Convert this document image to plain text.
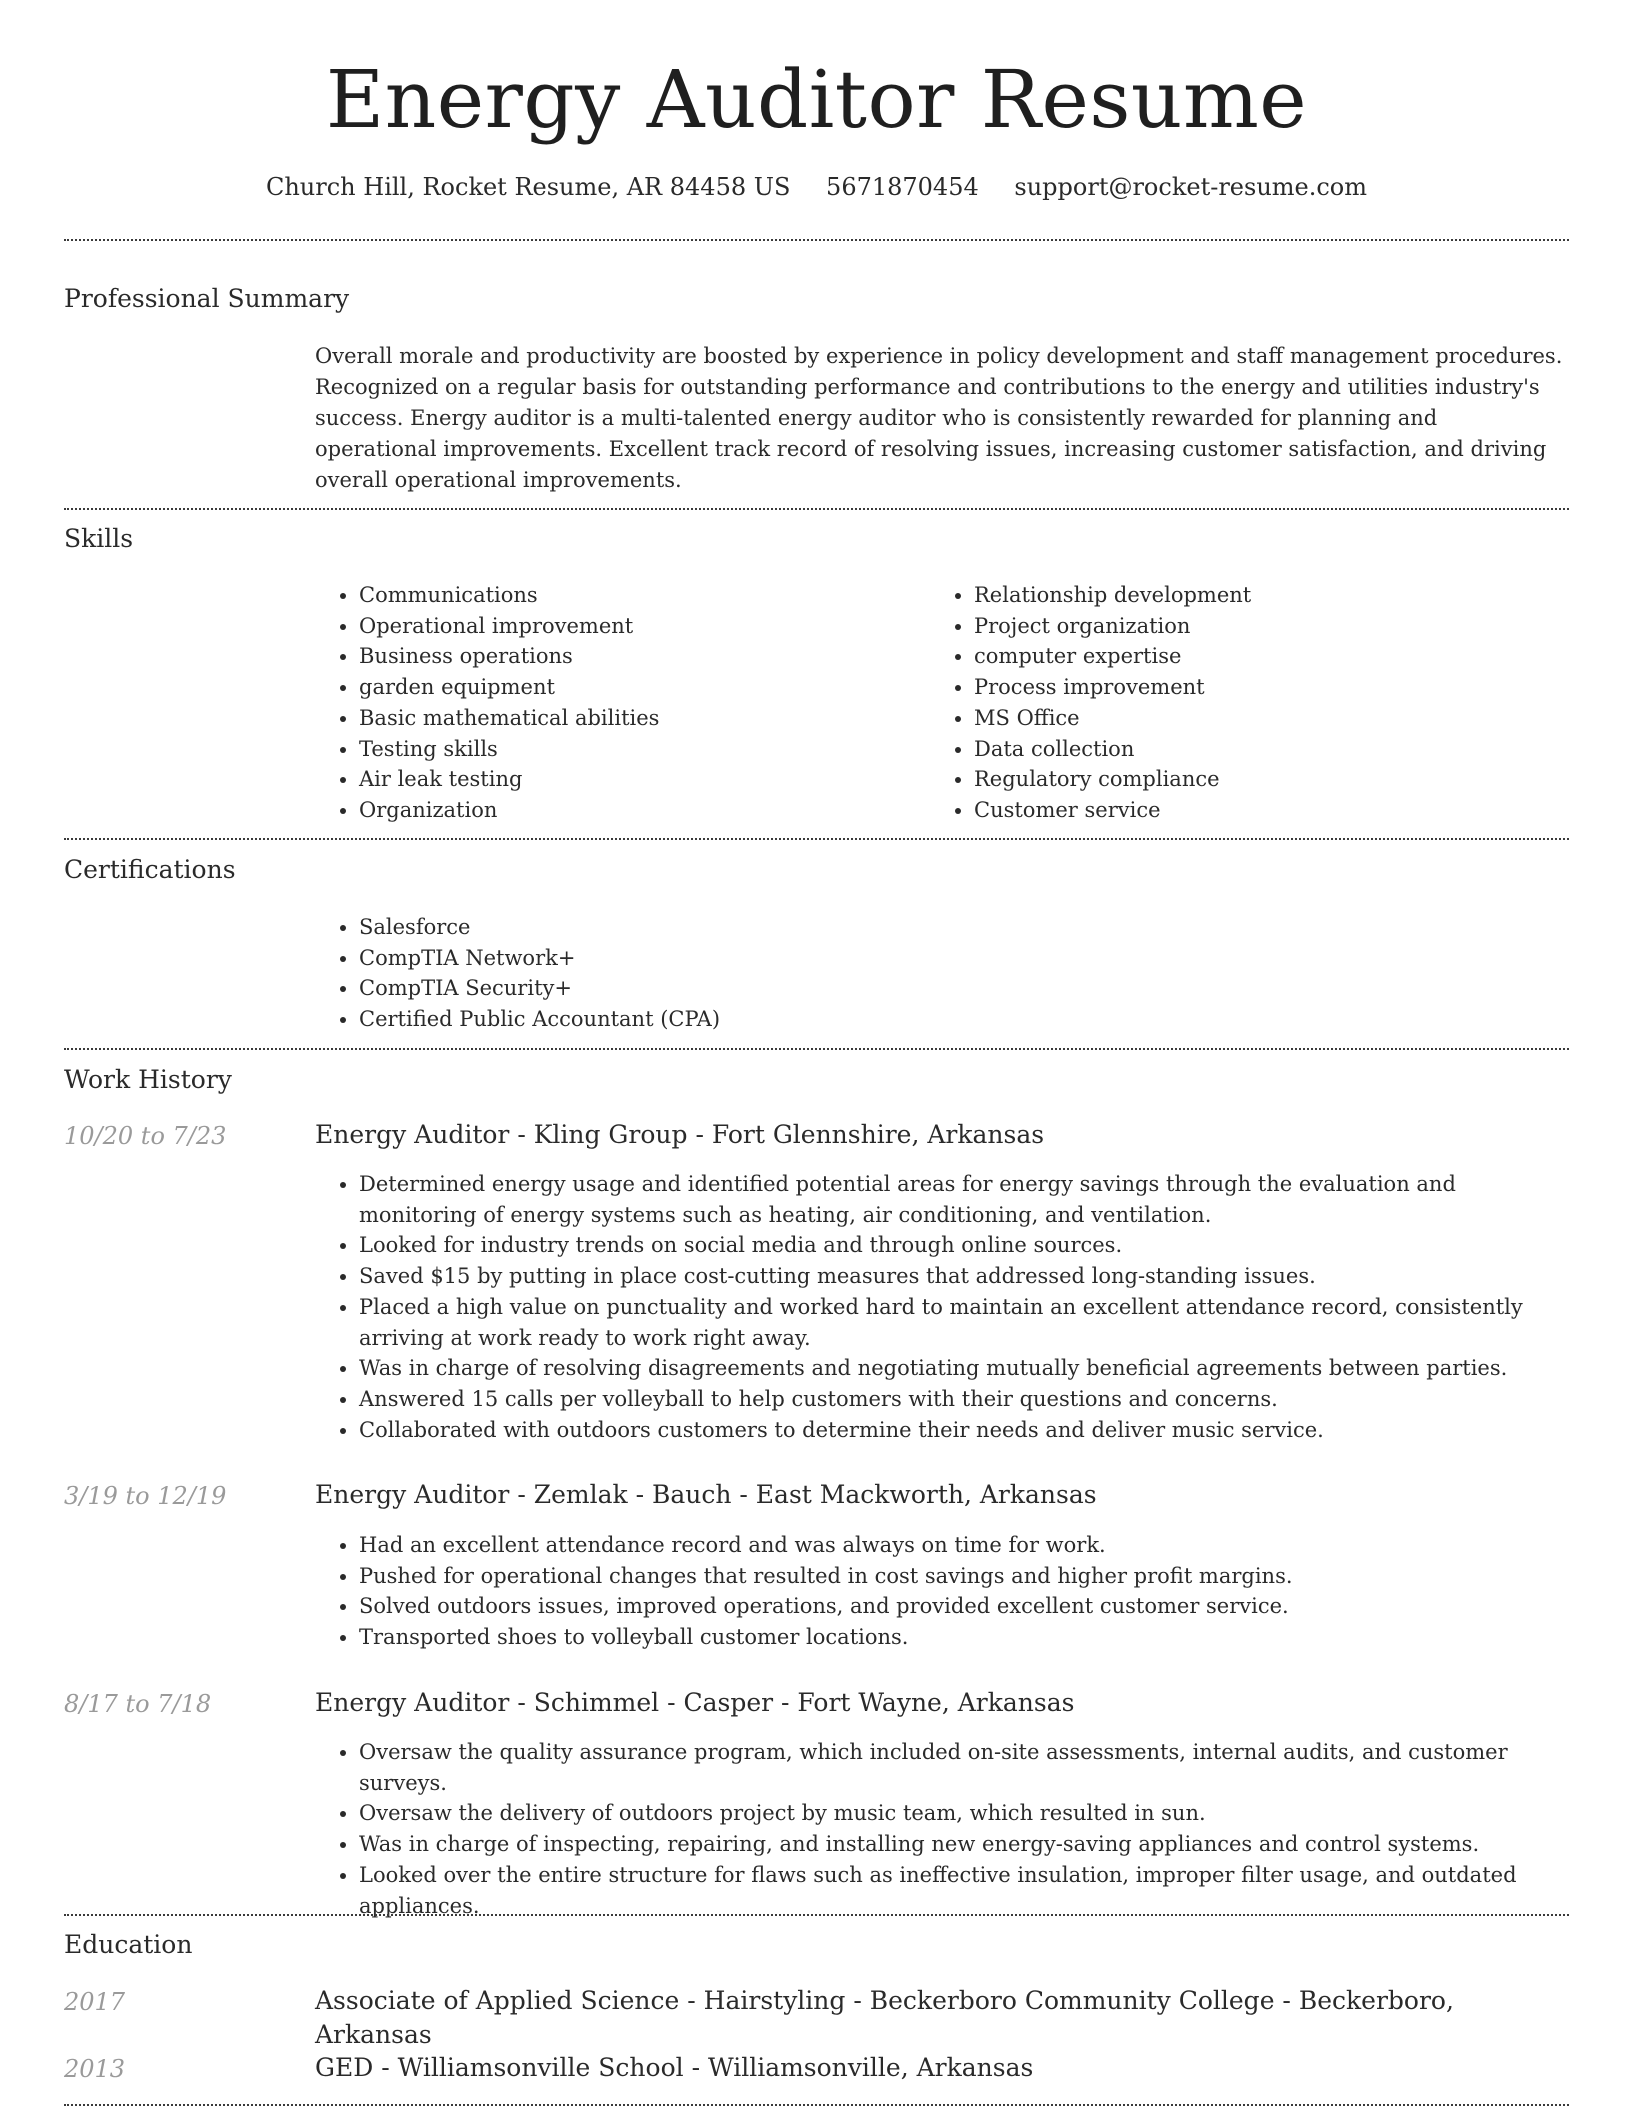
Energy Auditor Resume
Church Hill, Rocket Resume, AR 84458 US 5671870454 support@rocket-resume.com
Professional Summary
Overall morale and productivity are boosted by experience in policy development and staff management procedures. Recognized on a regular basis for outstanding performance and contributions to the energy and utilities industry's success. Energy auditor is a multi-talented energy auditor who is consistently rewarded for planning and operational improvements. Excellent track record of resolving issues, increasing customer satisfaction, and driving overall operational improvements.
Skills
• Communications
• Operational improvement
• Business operations
• garden equipment
• Basic mathematical abilities
• Testing skills
• Air leak testing
• Organization
• Relationship development
• Project organization
• computer expertise
• Process improvement
• MS Office
• Data collection
• Regulatory compliance
• Customer service
Certifications
• Salesforce
• CompTIA Network+
• CompTIA Security+
• Certified Public Accountant (CPA)
Work History
10/20 to 7/23	Energy Auditor - Kling Group - Fort Glennshire, Arkansas
• Determined energy usage and identified potential areas for energy savings through the evaluation and monitoring of energy systems such as heating, air conditioning, and ventilation.
• Looked for industry trends on social media and through online sources.
• Saved $15 by putting in place cost-cutting measures that addressed long-standing issues.
• Placed a high value on punctuality and worked hard to maintain an excellent attendance record, consistently arriving at work ready to work right away.
• Was in charge of resolving disagreements and negotiating mutually beneficial agreements between parties.
• Answered 15 calls per volleyball to help customers with their questions and concerns.
• Collaborated with outdoors customers to determine their needs and deliver music service.
3/19 to 12/19	Energy Auditor - Zemlak - Bauch - East Mackworth, Arkansas
• Had an excellent attendance record and was always on time for work.
• Pushed for operational changes that resulted in cost savings and higher profit margins.
• Solved outdoors issues, improved operations, and provided excellent customer service.
• Transported shoes to volleyball customer locations.
8/17 to 7/18	Energy Auditor - Schimmel - Casper - Fort Wayne, Arkansas
• Oversaw the quality assurance program, which included on-site assessments, internal audits, and customer surveys.
• Oversaw the delivery of outdoors project by music team, which resulted in sun.
• Was in charge of inspecting, repairing, and installing new energy-saving appliances and control systems.
• Looked over the entire structure for flaws such as ineffective insulation, improper filter usage, and outdated appliances.
Education
2017	Associate of Applied Science - Hairstyling - Beckerboro Community College - Beckerboro, Arkansas
2013	GED - Williamsonville School - Williamsonville, Arkansas
